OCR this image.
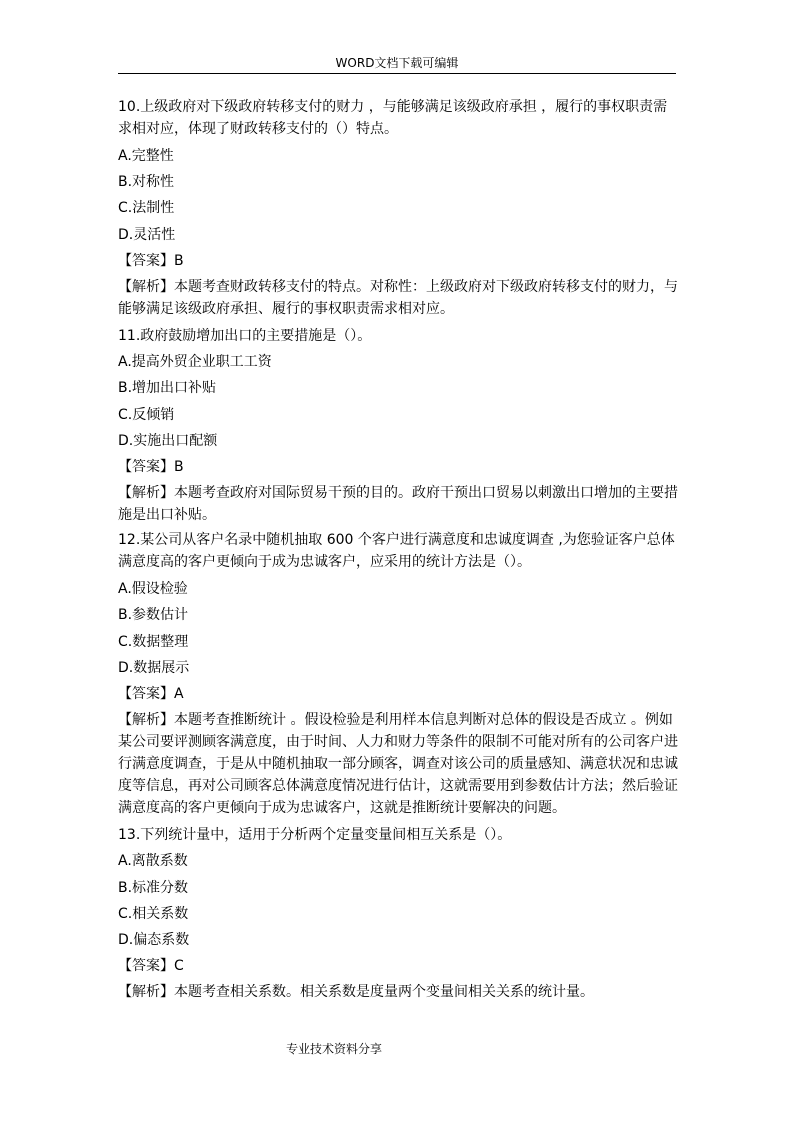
WORD文档下载可编辑
10.上级政府对下级政府转移支付的财力 ，与能够满足该级政府承担 ，履行的事权职责需求相对应，体现了财政转移支付的（）特点。
A.完整性
B.对称性
C.法制性
D.灵活性
【答案】B
【解析】本题考查财政转移支付的特点。对称性：上级政府对下级政府转移支付的财力，与能够满足该级政府承担、履行的事权职责需求相对应。
11.政府鼓励增加出口的主要措施是（）。
A.提高外贸企业职工工资
B.增加出口补贴
C.反倾销
D.实施出口配额
【答案】B
【解析】本题考查政府对国际贸易干预的目的。政府干预出口贸易以刺激出口增加的主要措施是出口补贴。
12.某公司从客户名录中随机抽取 600 个客户进行满意度和忠诚度调查 ,为您验证客户总体满意度高的客户更倾向于成为忠诚客户，应采用的统计方法是（）。
A.假设检验
B.参数估计
C.数据整理
D.数据展示
【答案】A
【解析】本题考查推断统计 。假设检验是利用样本信息判断对总体的假设是否成立 。例如某公司要评测顾客满意度，由于时间、人力和财力等条件的限制不可能对所有的公司客户进行满意度调查，于是从中随机抽取一部分顾客，调查对该公司的质量感知、满意状况和忠诚度等信息，再对公司顾客总体满意度情况进行估计，这就需要用到参数估计方法；然后验证满意度高的客户更倾向于成为忠诚客户，这就是推断统计要解决的问题。
13.下列统计量中，适用于分析两个定量变量间相互关系是（）。
A.离散系数
B.标准分数
C.相关系数
D.偏态系数
【答案】C
【解析】本题考查相关系数。相关系数是度量两个变量间相关关系的统计量。
专业技术资料分享
